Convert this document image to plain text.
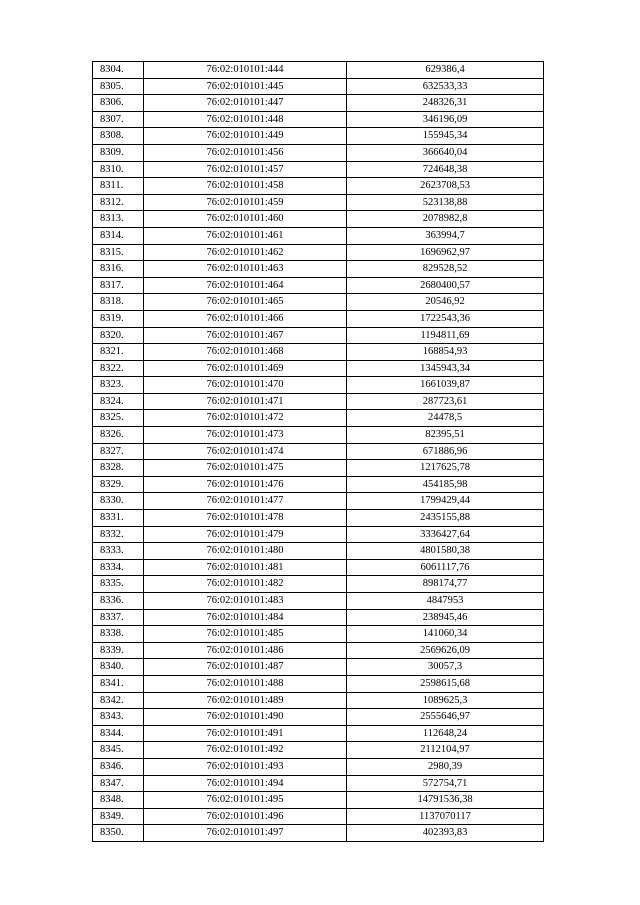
8304.	76:02:010101:444	629386,4
8305.	76:02:010101:445	632533,33
8306.	76:02:010101:447	248326,31
8307.	76:02:010101:448	346196,09
8308.	76:02:010101:449	155945,34
8309.	76:02:010101:456	366640,04
8310.	76:02:010101:457	724648,38
8311.	76:02:010101:458	2623708,53
8312.	76:02:010101:459	523138,88
8313.	76:02:010101:460	2078982,8
8314.	76:02:010101:461	363994,7
8315.	76:02:010101:462	1696962,97
8316.	76:02:010101:463	829528,52
8317.	76:02:010101:464	2680400,57
8318.	76:02:010101:465	20546,92
8319.	76:02:010101:466	1722543,36
8320.	76:02:010101:467	1194811,69
8321.	76:02:010101:468	168854,93
8322.	76:02:010101:469	1345943,34
8323.	76:02:010101:470	1661039,87
8324.	76:02:010101:471	287723,61
8325.	76:02:010101:472	24478,5
8326.	76:02:010101:473	82395,51
8327.	76:02:010101:474	671886,96
8328.	76:02:010101:475	1217625,78
8329.	76:02:010101:476	454185,98
8330.	76:02:010101:477	1799429,44
8331.	76:02:010101:478	2435155,88
8332.	76:02:010101:479	3336427,64
8333.	76:02:010101:480	4801580,38
8334.	76:02:010101:481	6061117,76
8335.	76:02:010101:482	898174,77
8336.	76:02:010101:483	4847953
8337.	76:02:010101:484	238945,46
8338.	76:02:010101:485	141060,34
8339.	76:02:010101:486	2569626,09
8340.	76:02:010101:487	30057,3
8341.	76:02:010101:488	2598615,68
8342.	76:02:010101:489	1089625,3
8343.	76:02:010101:490	2555646,97
8344.	76:02:010101:491	112648,24
8345.	76:02:010101:492	2112104,97
8346.	76:02:010101:493	2980,39
8347.	76:02:010101:494	572754,71
8348.	76:02:010101:495	14791536,38
8349.	76:02:010101:496	1137070117
8350.	76:02:010101:497	402393,83
